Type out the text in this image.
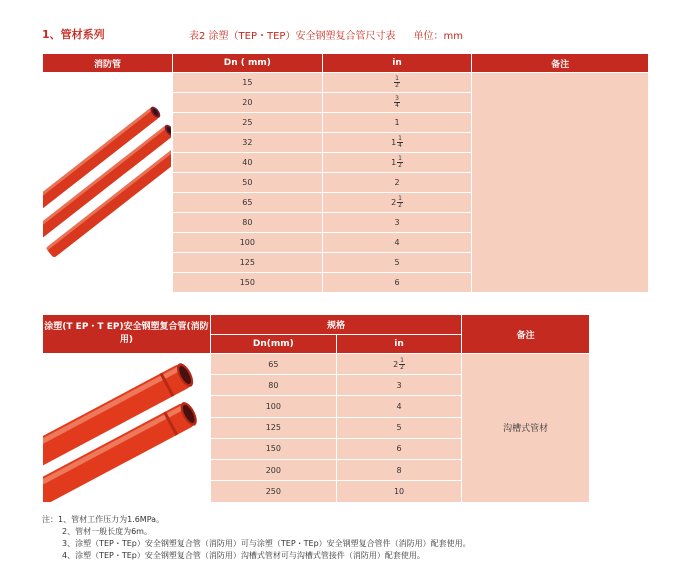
1、管材系列	表2 涂塑（TEP・TEP）安全钢塑复合管尺寸表 单位：mm
消防管	Dn ( mm)	in	备注

	15	$\frac{1}{2}$

	20	$\frac{3}{4}$

	25	1	
	32	$1 \frac{1}{4}$

	40	$1 \frac{1}{2}$

	50	2	
	65	$2 \frac{1}{2}$

	80	3	
	100	4	
	125	5	
	150	6	
涂塑(T EP・T EP)安全钢塑复合管(消防用)	规格		备注
	Dn(mm)	in	

	65	$2 \frac{1}{2}$	沟槽式管材
	80	3	
	100	4	
	125	5	
	150	6	
	200	8	
	250	10	
注：1、管材工作压力为1.6MPa。
2、管材一般长度为6m。
3、涂塑（TEP・TEp）安全钢塑复合管（消防用）可与涂塑（TEP・TEp）安全钢塑复合管件（消防用）配套使用。
4、涂塑（TEP・TEp）安全钢塑复合管（消防用）沟槽式管材可与沟槽式管接件（消防用）配套使用。
